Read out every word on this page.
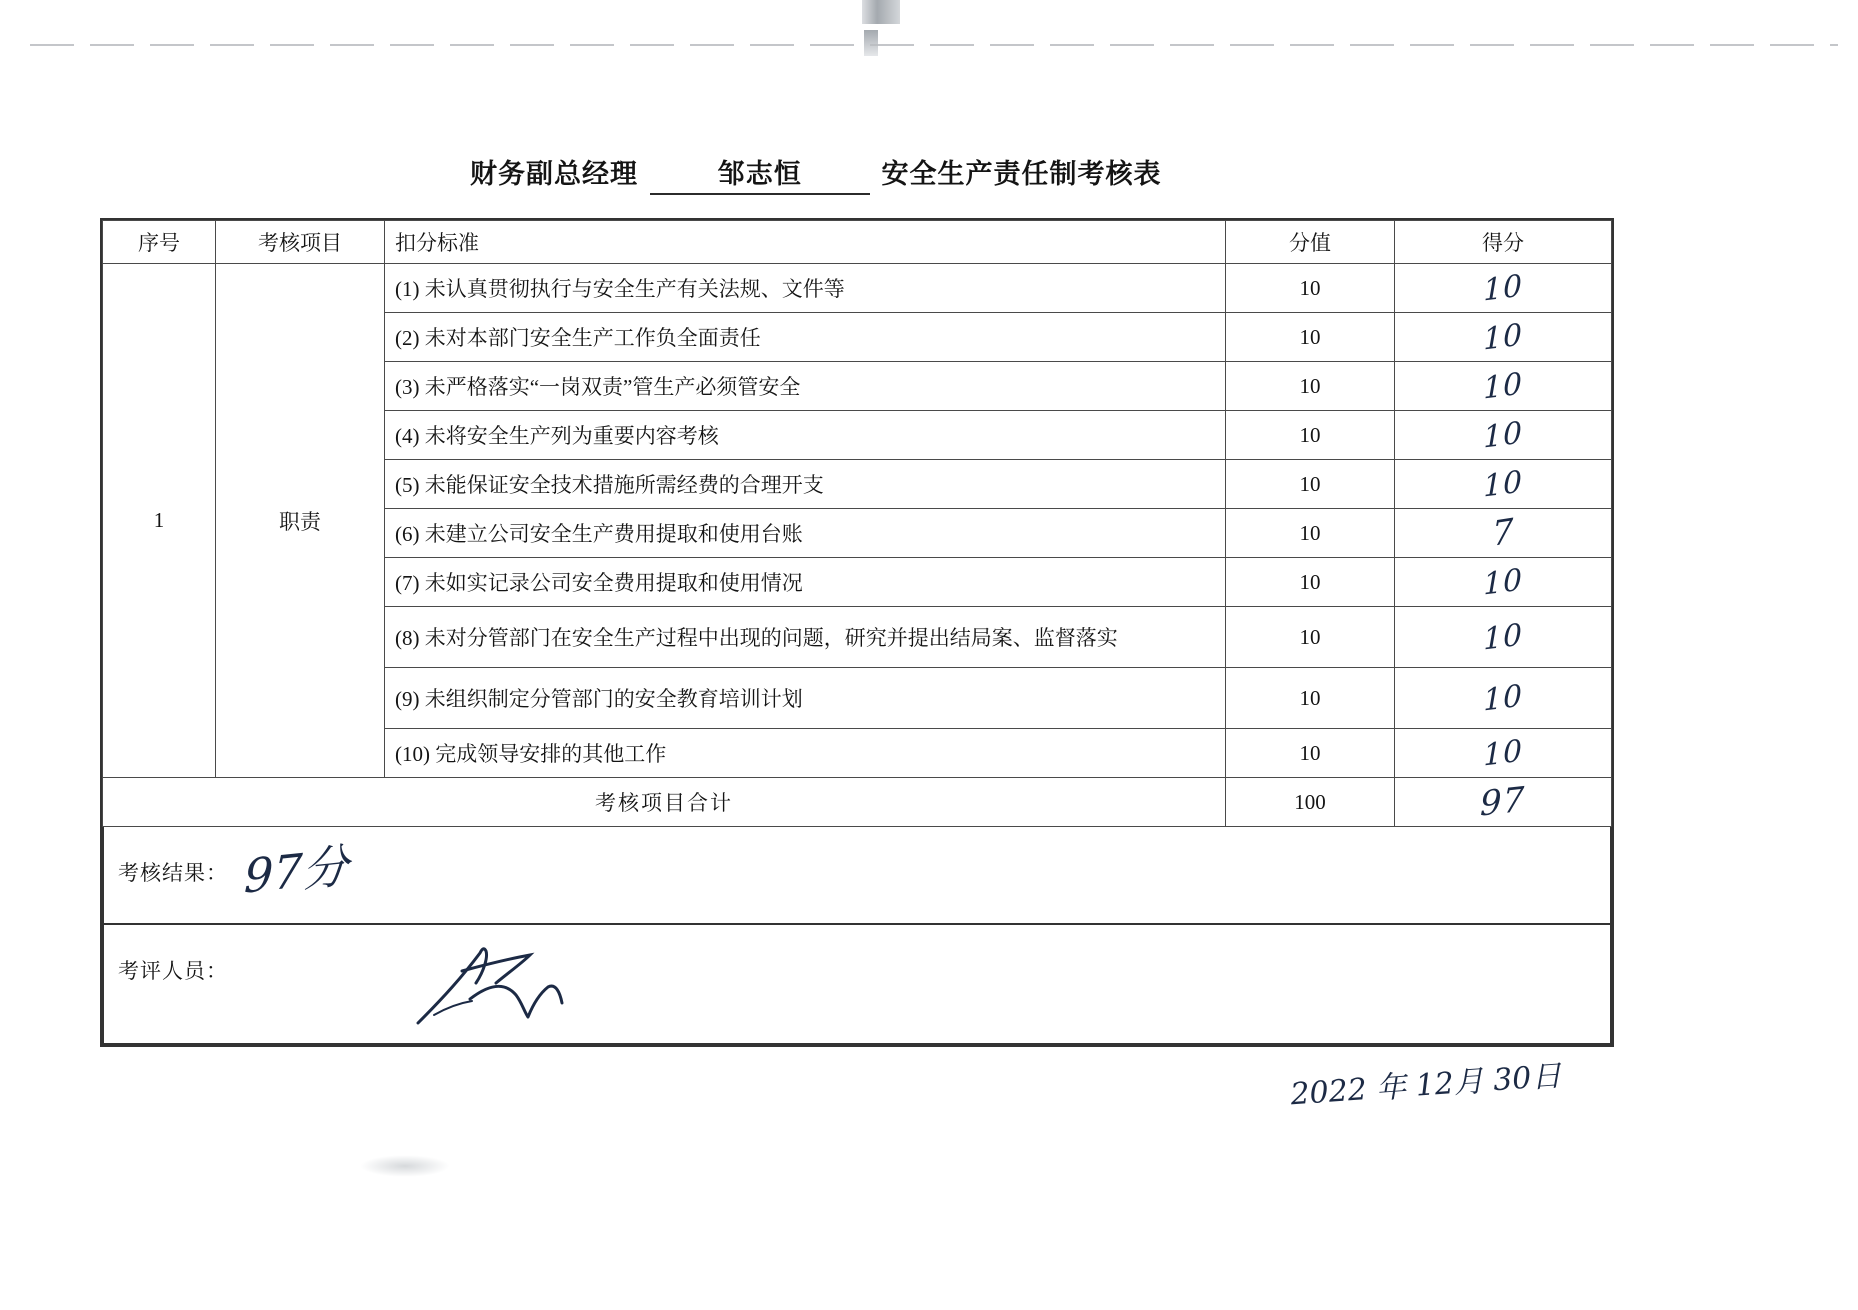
财务副总经理	邹志恒	安全生产责任制考核表
序号	考核项目	扣分标准	分值	得分
1	职责	(1) 未认真贯彻执行与安全生产有关法规、文件等	10	10
		(2) 未对本部门安全生产工作负全面责任	10	10
		(3) 未严格落实“一岗双责”管生产必须管安全	10	10
		(4) 未将安全生产列为重要内容考核	10	10
		(5) 未能保证安全技术措施所需经费的合理开支	10	10
		(6) 未建立公司安全生产费用提取和使用台账	10	7
		(7) 未如实记录公司安全费用提取和使用情况	10	10
		(8) 未对分管部门在安全生产过程中出现的问题，研究并提出结局案、监督落实	10	10
		(9) 未组织制定分管部门的安全教育培训计划	10	10
		(10) 完成领导安排的其他工作	10	10
考核项目合计			100	97
考核结果： 97分
考评人员：
2022 年 12月 30日
